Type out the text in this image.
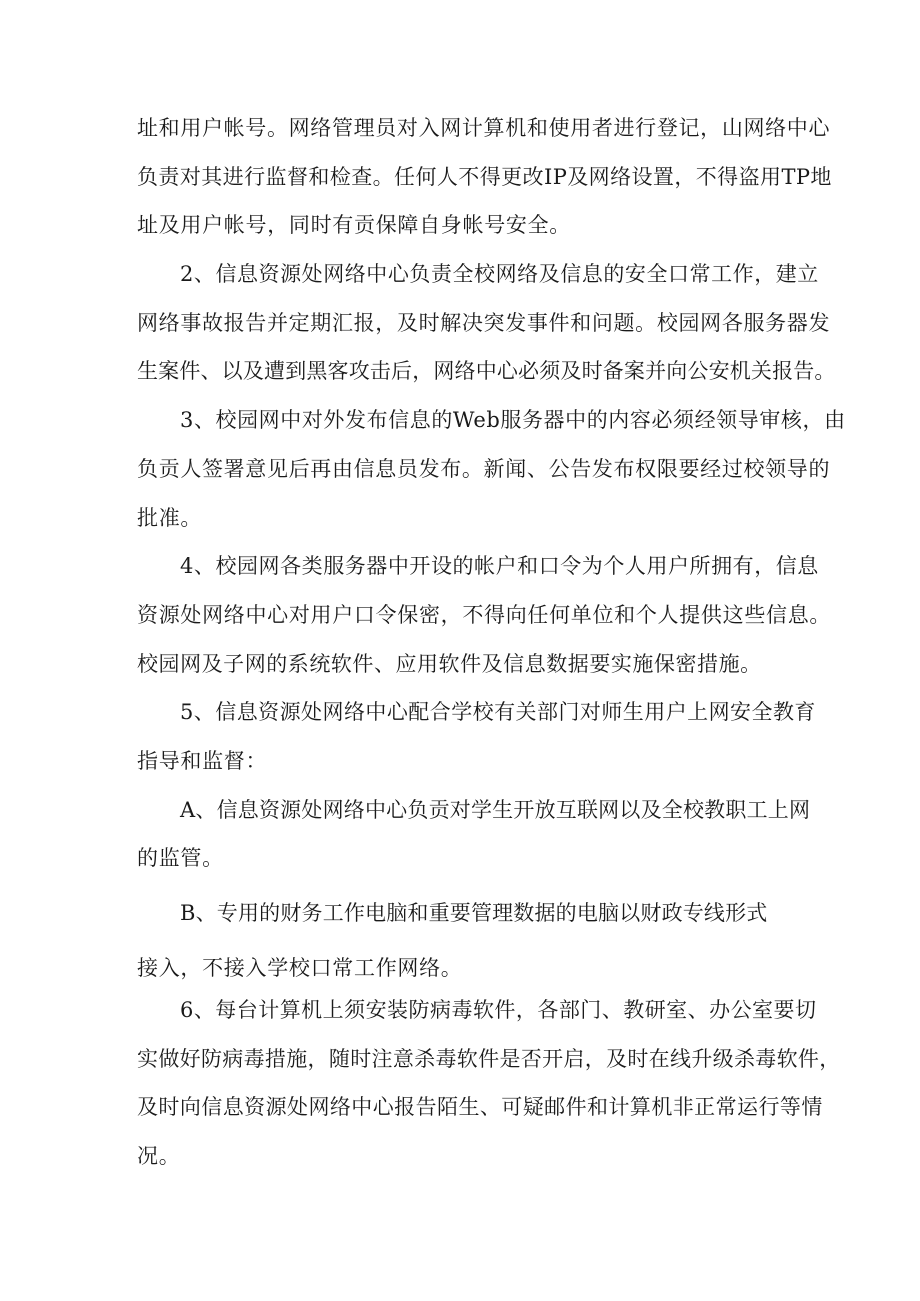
址和用户帐号。网络管理员对入网计算机和使用者进行登记，山网络中心
负责对其进行监督和检查。任何人不得更改IP及网络设置，不得盗用TP地
址及用户帐号，同时有贡保障自身帐号安全。
2、信息资源处网络中心负责全校网络及信息的安全口常工作，建立
网络事故报告并定期汇报，及时解决突发事件和问题。校园网各服务器发
生案件、以及遭到黑客攻击后，网络中心必须及时备案并向公安机关报告。
3、校园网中对外发布信息的Web服务器中的内容必须经领导审核，由
负贡人签署意见后再由信息员发布。新闻、公告发布权限要经过校领导的
批准。
4、校园网各类服务器中开设的帐户和口令为个人用户所拥有，信息
资源处网络中心对用户口令保密，不得向任何单位和个人提供这些信息。
校园网及子网的系统软件、应用软件及信息数据要实施保密措施。
5、信息资源处网络中心配合学校有关部门对师生用户上网安全教育
指导和监督：
A、信息资源处网络中心负贡对学生开放互联网以及全校教职工上网
的监管。
B、专用的财务工作电脑和重要管理数据的电脑以财政专线形式
接入，不接入学校口常工作网络。
6、每台计算机上须安装防病毒软件，各部门、教研室、办公室要切
实做好防病毒措施，随时注意杀毒软件是否开启，及时在线升级杀毒软件，
及时向信息资源处网络中心报告陌生、可疑邮件和计算机非正常运行等情
况。
